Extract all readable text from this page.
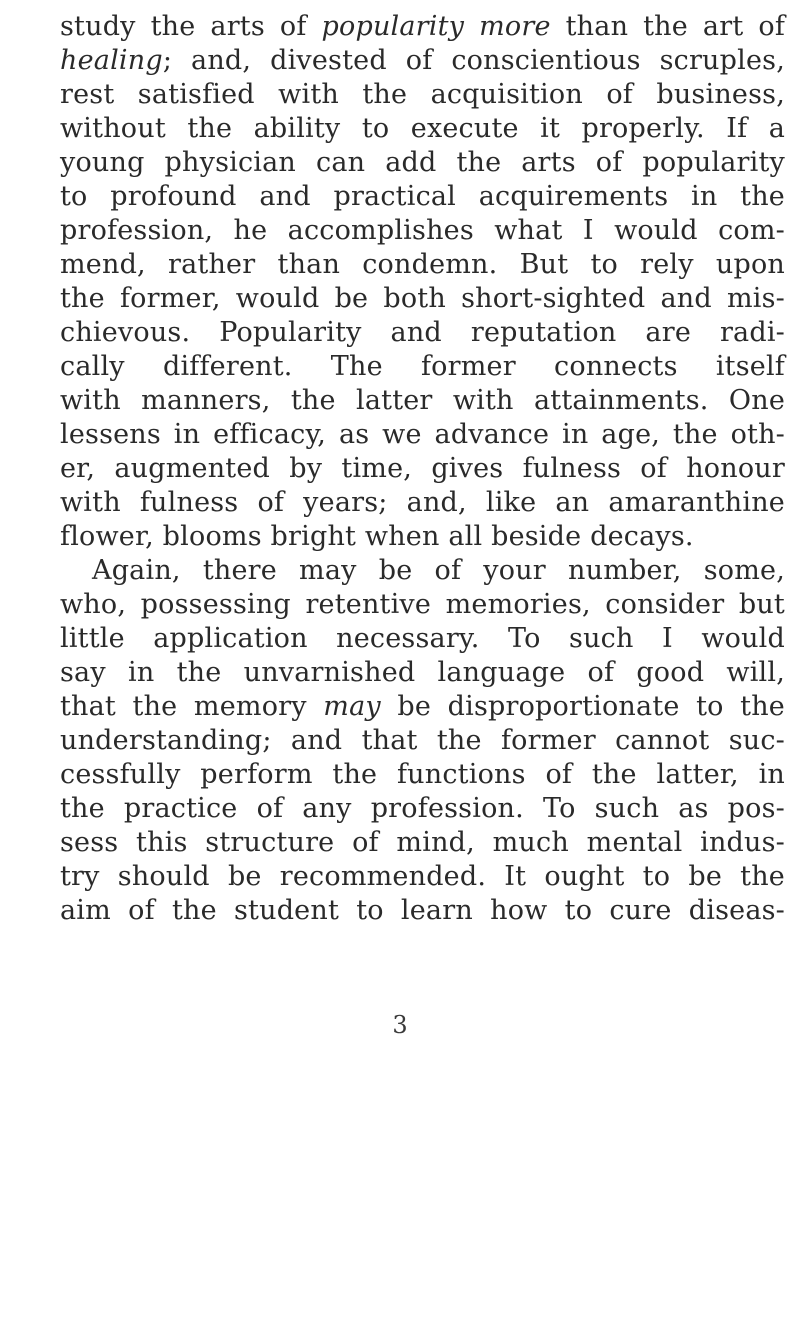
study the arts of popularity more than the art of
healing; and, divested of conscientious scruples,
rest satisfied with the acquisition of business,
without the ability to execute it properly. If a
young physician can add the arts of popularity
to profound and practical acquirements in the
profession, he accomplishes what I would com-
mend, rather than condemn. But to rely upon
the former, would be both short-sighted and mis-
chievous. Popularity and reputation are radi-
cally different. The former connects itself
with manners, the latter with attainments. One
lessens in efficacy, as we advance in age, the oth-
er, augmented by time, gives fulness of honour
with fulness of years; and, like an amaranthine
flower, blooms bright when all beside decays.
Again, there may be of your number, some,
who, possessing retentive memories, consider but
little application necessary. To such I would
say in the unvarnished language of good will,
that the memory may be disproportionate to the
understanding; and that the former cannot suc-
cessfully perform the functions of the latter, in
the practice of any profession. To such as pos-
sess this structure of mind, much mental indus-
try should be recommended. It ought to be the
aim of the student to learn how to cure diseas-
3
